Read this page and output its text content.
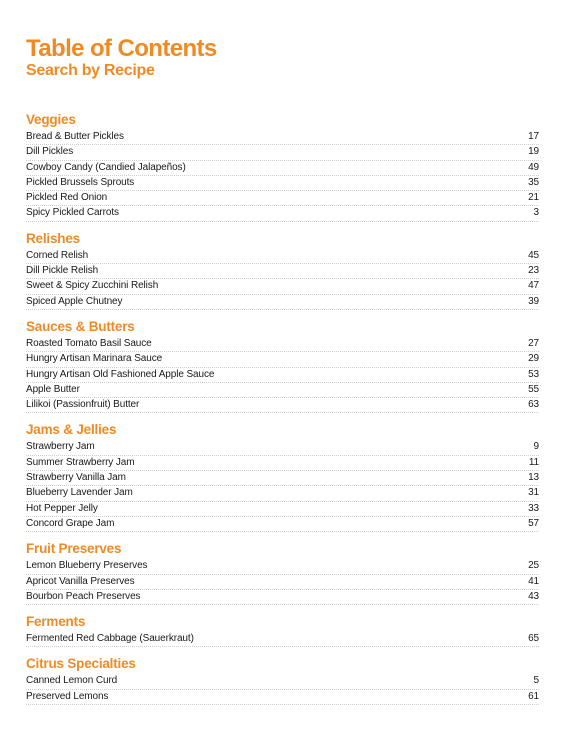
Table of Contents
Search by Recipe
Veggies
Bread & Butter Pickles	17
Dill Pickles	19
Cowboy Candy (Candied Jalapeños)	49
Pickled Brussels Sprouts	35
Pickled Red Onion	21
Spicy Pickled Carrots	3
Relishes
Corned Relish	45
Dill Pickle Relish	23
Sweet & Spicy Zucchini Relish	47
Spiced Apple Chutney	39
Sauces & Butters
Roasted Tomato Basil Sauce	27
Hungry Artisan Marinara Sauce	29
Hungry Artisan Old Fashioned Apple Sauce	53
Apple Butter	55
Lilikoi (Passionfruit) Butter	63
Jams & Jellies
Strawberry Jam	9
Summer Strawberry Jam	11
Strawberry Vanilla Jam	13
Blueberry Lavender Jam	31
Hot Pepper Jelly	33
Concord Grape Jam	57
Fruit Preserves
Lemon Blueberry Preserves	25
Apricot Vanilla Preserves	41
Bourbon Peach Preserves	43
Ferments
Fermented Red Cabbage (Sauerkraut)	65
Citrus Specialties
Canned Lemon Curd	5
Preserved Lemons	61
